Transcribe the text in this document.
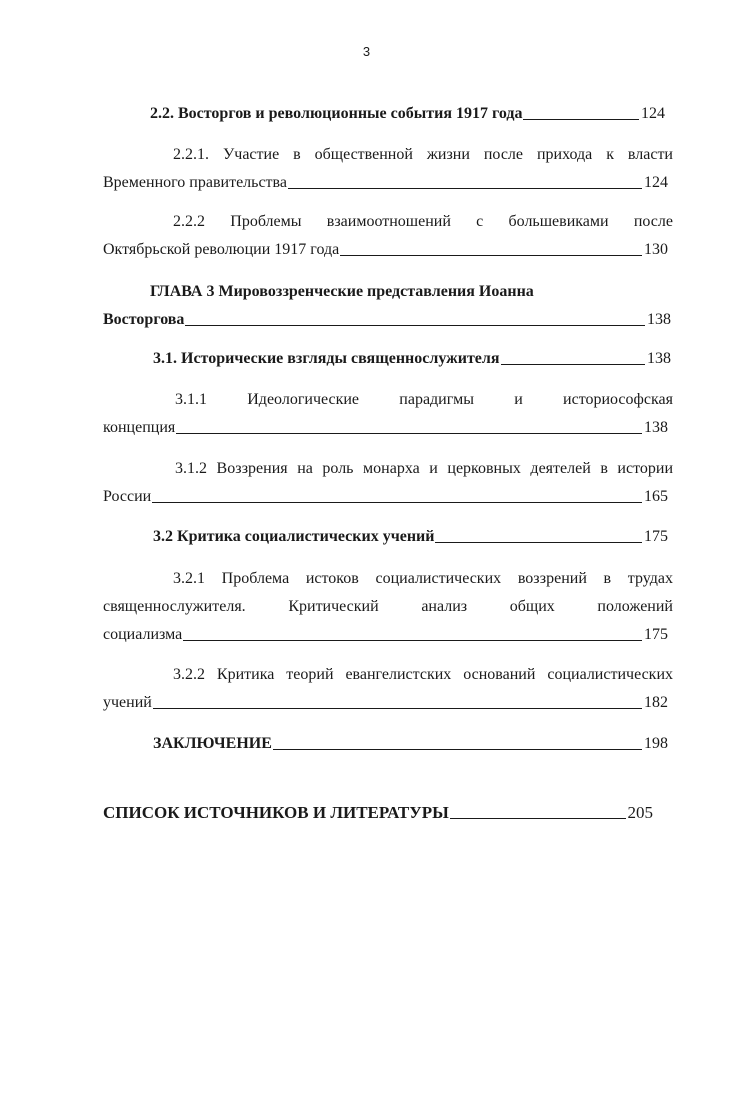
3
2.2. Восторгов и революционные события 1917 года	124
2.2.1. Участие в общественной жизни после прихода к власти
Временного правительства	124
2.2.2 Проблемы взаимоотношений с большевиками после
Октябрьской революции 1917 года	130
ГЛАВА 3 Мировоззренческие представления Иоанна
Восторгова	138
3.1. Исторические взгляды священнослужителя	138
3.1.1 Идеологические парадигмы и историософская
концепция	138
3.1.2 Воззрения на роль монарха и церковных деятелей в истории
России	165
3.2 Критика социалистических учений	175
3.2.1 Проблема истоков социалистических воззрений в трудах
священнослужителя. Критический анализ общих положений
социализма	175
3.2.2 Критика теорий евангелистских оснований социалистических
учений	182
ЗАКЛЮЧЕНИЕ	198
СПИСОК ИСТОЧНИКОВ И ЛИТЕРАТУРЫ	205
